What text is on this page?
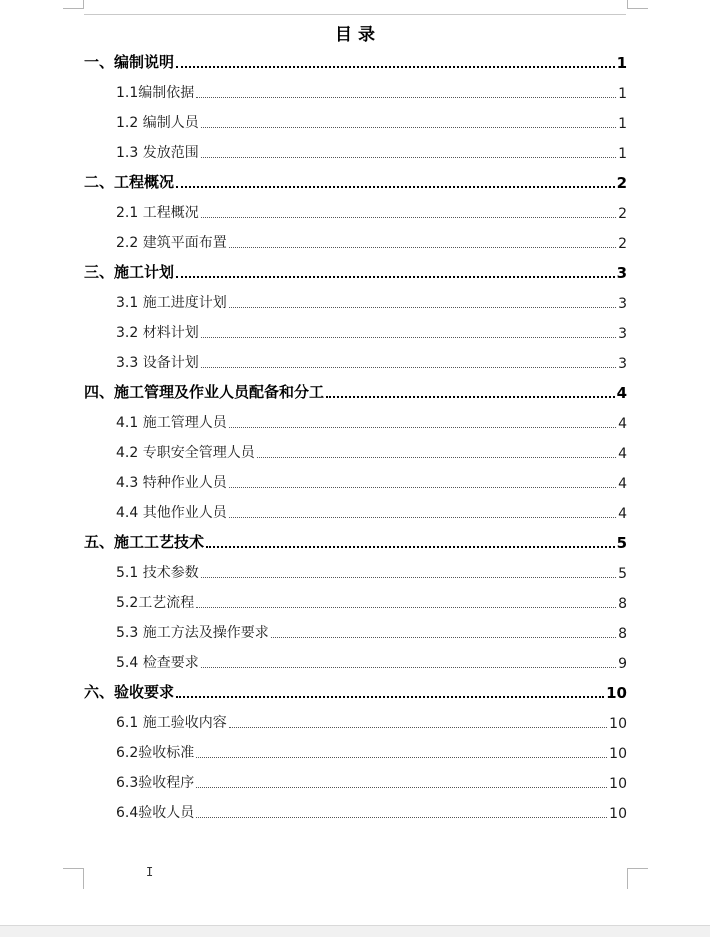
目 录
一、编制说明	1
1.1编制依据	1
1.2 编制人员	1
1.3 发放范围	1
二、工程概况	2
2.1 工程概况	2
2.2 建筑平面布置	2
三、施工计划	3
3.1 施工进度计划	3
3.2 材料计划	3
3.3 设备计划	3
四、施工管理及作业人员配备和分工	4
4.1 施工管理人员	4
4.2 专职安全管理人员	4
4.3 特种作业人员	4
4.4 其他作业人员	4
五、施工工艺技术	5
5.1 技术参数	5
5.2工艺流程	8
5.3 施工方法及操作要求	8
5.4 检查要求	9
六、验收要求	10
6.1 施工验收内容	10
6.2验收标准	10
6.3验收程序	10
6.4验收人员	10
I
